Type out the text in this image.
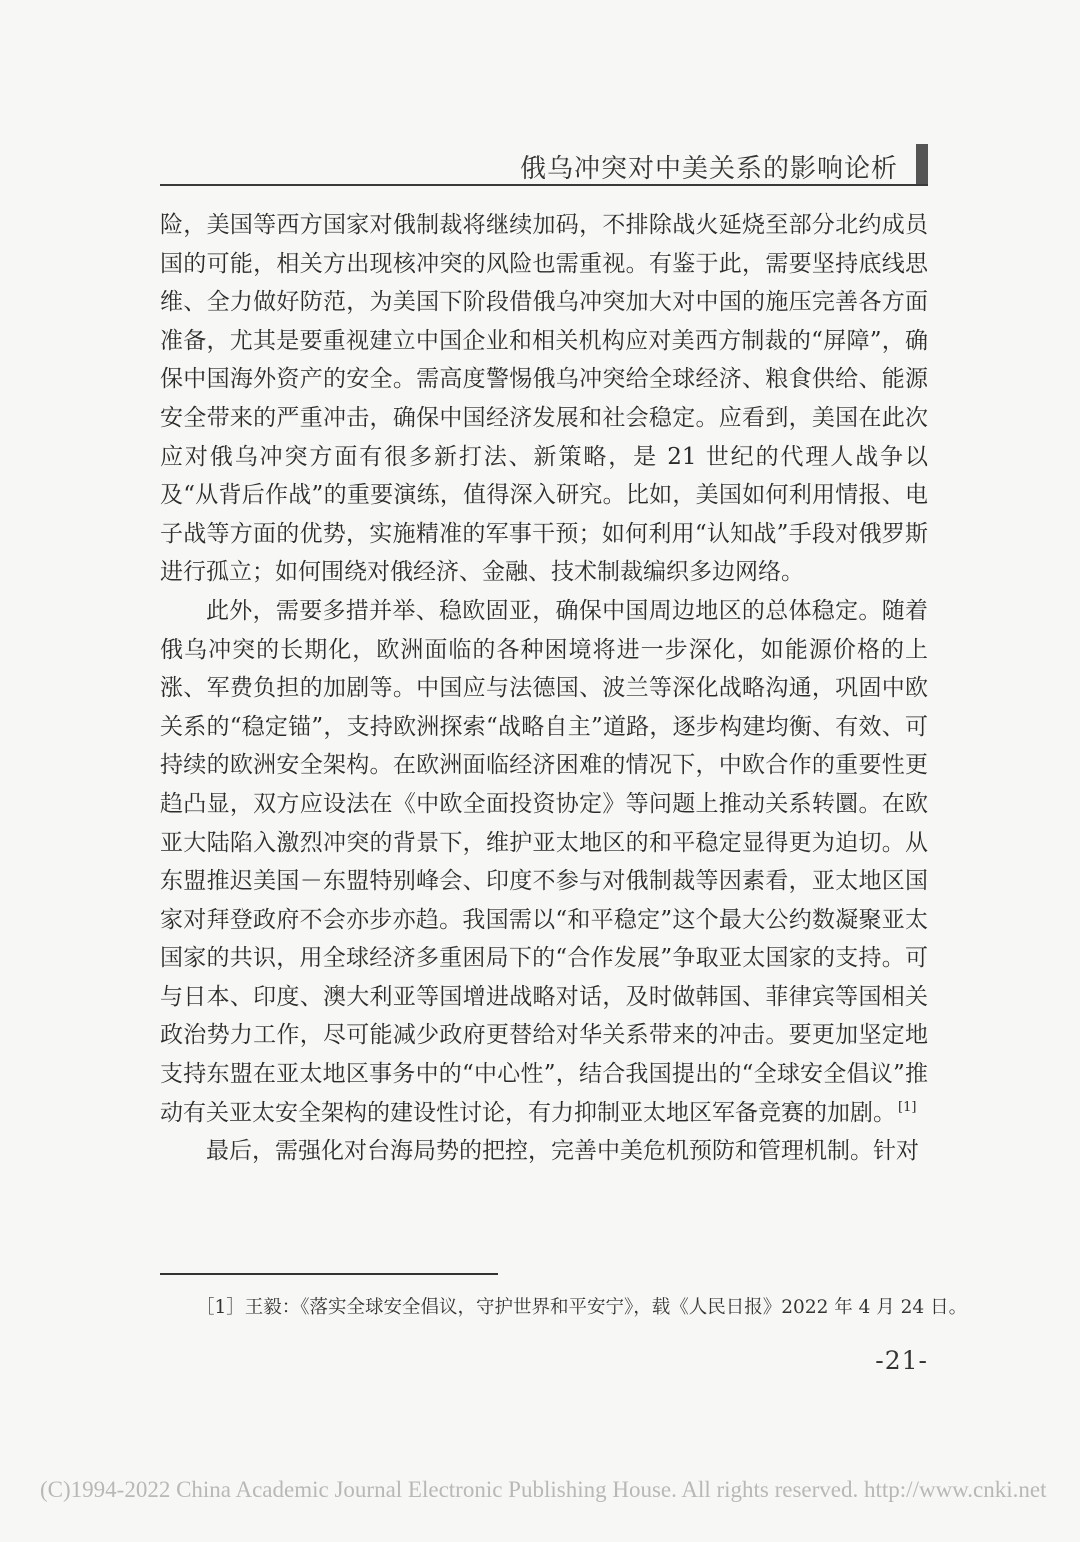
俄乌冲突对中美关系的影响论析

险，美国等西方国家对俄制裁将继续加码，不排除战火延烧至部分北约成员国的可能，相关方出现核冲突的风险也需重视。有鉴于此，需要坚持底线思维、全力做好防范，为美国下阶段借俄乌冲突加大对中国的施压完善各方面准备，尤其是要重视建立中国企业和相关机构应对美西方制裁的“屏障”，确保中国海外资产的安全。需高度警惕俄乌冲突给全球经济、粮食供给、能源安全带来的严重冲击，确保中国经济发展和社会稳定。应看到，美国在此次应对俄乌冲突方面有很多新打法、新策略，是 21 世纪的代理人战争以及“从背后作战”的重要演练，值得深入研究。比如，美国如何利用情报、电子战等方面的优势，实施精准的军事干预；如何利用“认知战”手段对俄罗斯进行孤立；如何围绕对俄经济、金融、技术制裁编织多边网络。

此外，需要多措并举、稳欧固亚，确保中国周边地区的总体稳定。随着俄乌冲突的长期化，欧洲面临的各种困境将进一步深化，如能源价格的上涨、军费负担的加剧等。中国应与法德国、波兰等深化战略沟通，巩固中欧关系的“稳定锚”，支持欧洲探索“战略自主”道路，逐步构建均衡、有效、可持续的欧洲安全架构。在欧洲面临经济困难的情况下，中欧合作的重要性更趋凸显，双方应设法在《中欧全面投资协定》等问题上推动关系转圜。在欧亚大陆陷入激烈冲突的背景下，维护亚太地区的和平稳定显得更为迫切。从东盟推迟美国－东盟特别峰会、印度不参与对俄制裁等因素看，亚太地区国家对拜登政府不会亦步亦趋。我国需以“和平稳定”这个最大公约数凝聚亚太国家的共识，用全球经济多重困局下的“合作发展”争取亚太国家的支持。可与日本、印度、澳大利亚等国增进战略对话，及时做韩国、菲律宾等国相关政治势力工作，尽可能减少政府更替给对华关系带来的冲击。要更加坚定地支持东盟在亚太地区事务中的“中心性”，结合我国提出的“全球安全倡议”推动有关亚太安全架构的建设性讨论，有力抑制亚太地区军备竞赛的加剧。 [1]

最后，需强化对台海局势的把控，完善中美危机预防和管理机制。针对

［1］王毅：《落实全球安全倡议，守护世界和平安宁》，载《人民日报》2022 年 4 月 24 日。
-21-
(C)1994-2022 China Academic Journal Electronic Publishing House. All rights reserved. http://www.cnki.net
